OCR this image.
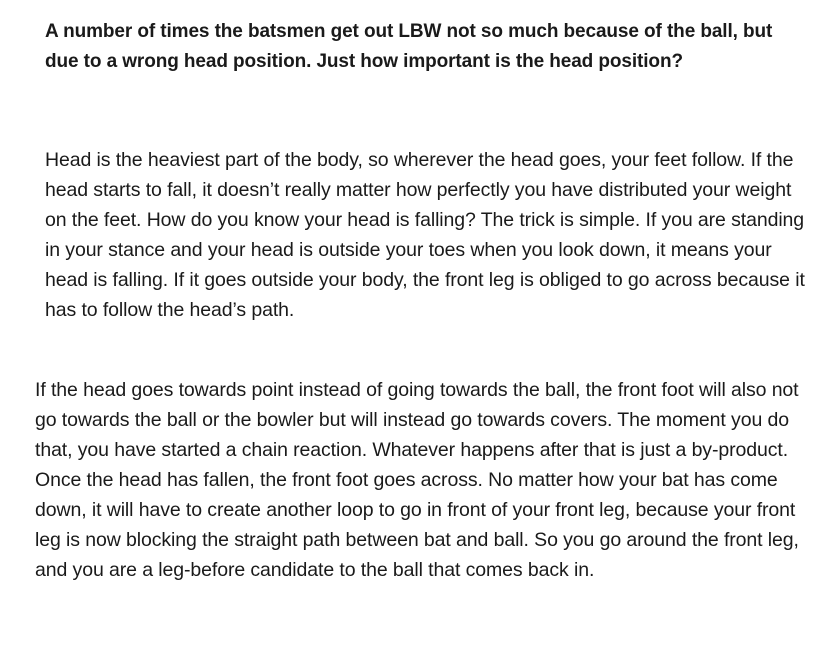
A number of times the batsmen get out LBW not so much because of the ball, but due to a wrong head position. Just how important is the head position?

Head is the heaviest part of the body, so wherever the head goes, your feet follow. If the head starts to fall, it doesn’t really matter how perfectly you have distributed your weight on the feet. How do you know your head is falling? The trick is simple. If you are standing in your stance and your head is outside your toes when you look down, it means your head is falling. If it goes outside your body, the front leg is obliged to go across because it has to follow the head’s path.

If the head goes towards point instead of going towards the ball, the front foot will also not go towards the ball or the bowler but will instead go towards covers. The moment you do that, you have started a chain reaction. Whatever happens after that is just a by-product. Once the head has fallen, the front foot goes across. No matter how your bat has come down, it will have to create another loop to go in front of your front leg, because your front leg is now blocking the straight path between bat and ball. So you go around the front leg, and you are a leg-before candidate to the ball that comes back in.
